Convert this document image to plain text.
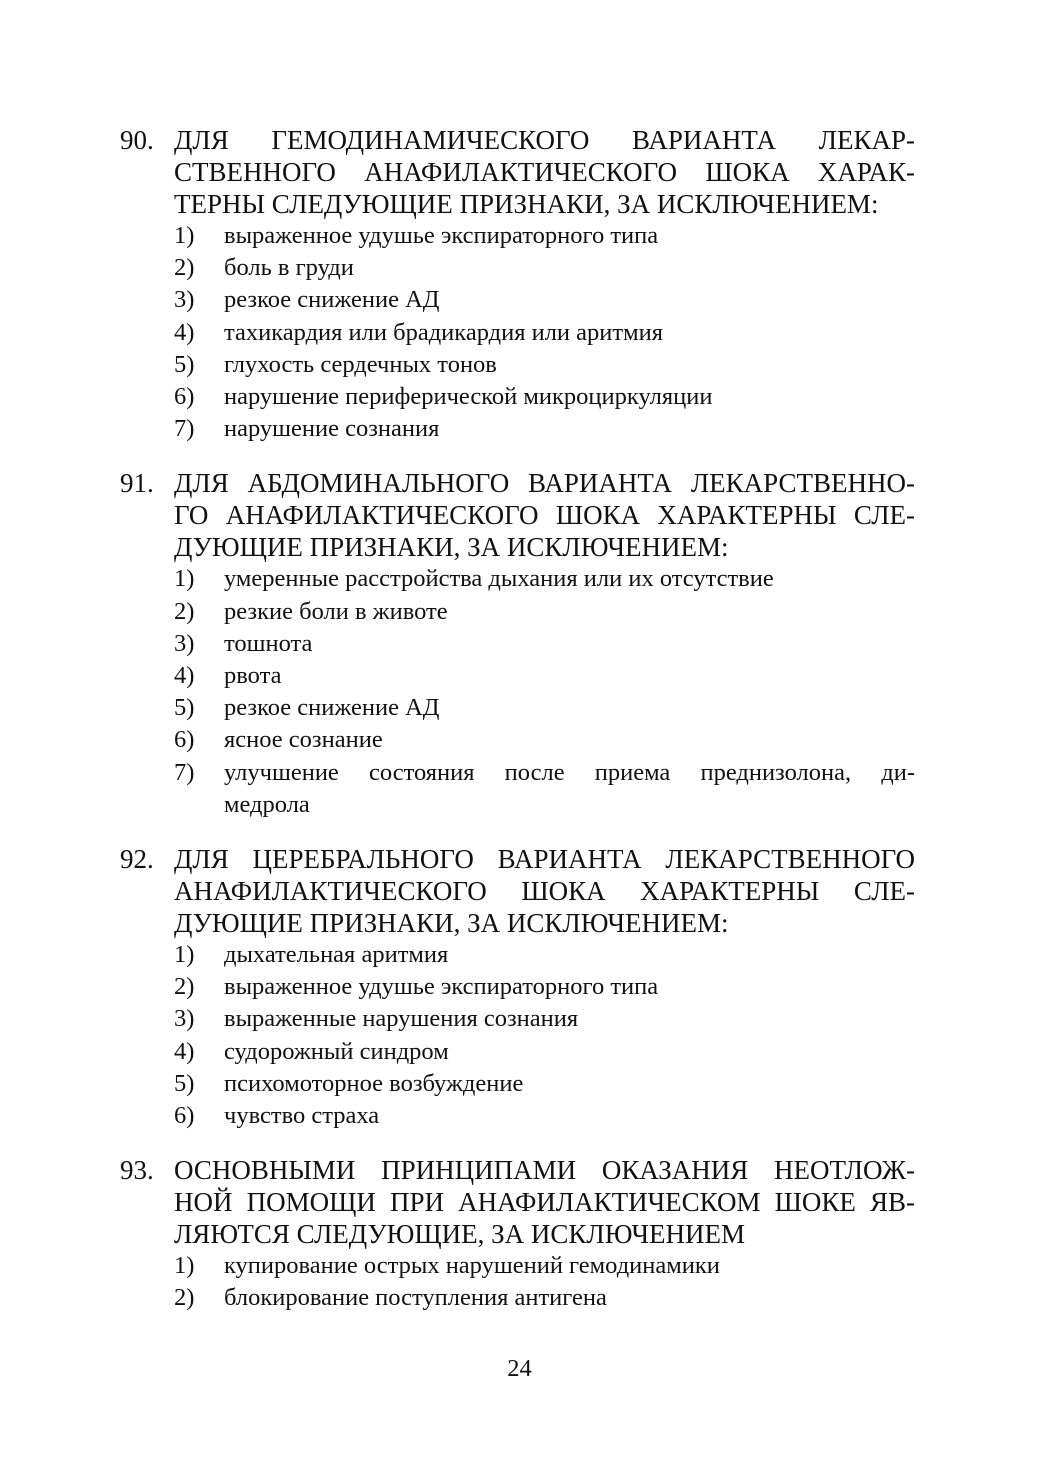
90. ДЛЯ ГЕМОДИНАМИЧЕСКОГО ВАРИАНТА ЛЕКАР-
СТВЕННОГО АНАФИЛАКТИЧЕСКОГО ШОКА ХАРАК-
ТЕРНЫ СЛЕДУЮЩИЕ ПРИЗНАКИ, ЗА ИСКЛЮЧЕНИЕМ:

1) выраженное удушье экспираторного типа
2) боль в груди
3) резкое снижение АД
4) тахикардия или брадикардия или аритмия
5) глухость сердечных тонов
6) нарушение периферической микроциркуляции
7) нарушение сознания
91. ДЛЯ АБДОМИНАЛЬНОГО ВАРИАНТА ЛЕКАРСТВЕННО-
ГО АНАФИЛАКТИЧЕСКОГО ШОКА ХАРАКТЕРНЫ СЛЕ-
ДУЮЩИЕ ПРИЗНАКИ, ЗА ИСКЛЮЧЕНИЕМ:

1) умеренные расстройства дыхания или их отсутствие
2) резкие боли в животе
3) тошнота
4) рвота
5) резкое снижение АД
6) ясное сознание
7) улучшение состояния после приема преднизолона, ди-
медрола
92. ДЛЯ ЦЕРЕБРАЛЬНОГО ВАРИАНТА ЛЕКАРСТВЕННОГО
АНАФИЛАКТИЧЕСКОГО ШОКА ХАРАКТЕРНЫ СЛЕ-
ДУЮЩИЕ ПРИЗНАКИ, ЗА ИСКЛЮЧЕНИЕМ:

1) дыхательная аритмия
2) выраженное удушье экспираторного типа
3) выраженные нарушения сознания
4) судорожный синдром
5) психомоторное возбуждение
6) чувство страха
93. ОСНОВНЫМИ ПРИНЦИПАМИ ОКАЗАНИЯ НЕОТЛОЖ-
НОЙ ПОМОЩИ ПРИ АНАФИЛАКТИЧЕСКОМ ШОКЕ ЯВ-
ЛЯЮТСЯ СЛЕДУЮЩИЕ, ЗА ИСКЛЮЧЕНИЕМ

1) купирование острых нарушений гемодинамики
2) блокирование поступления антигена
24
